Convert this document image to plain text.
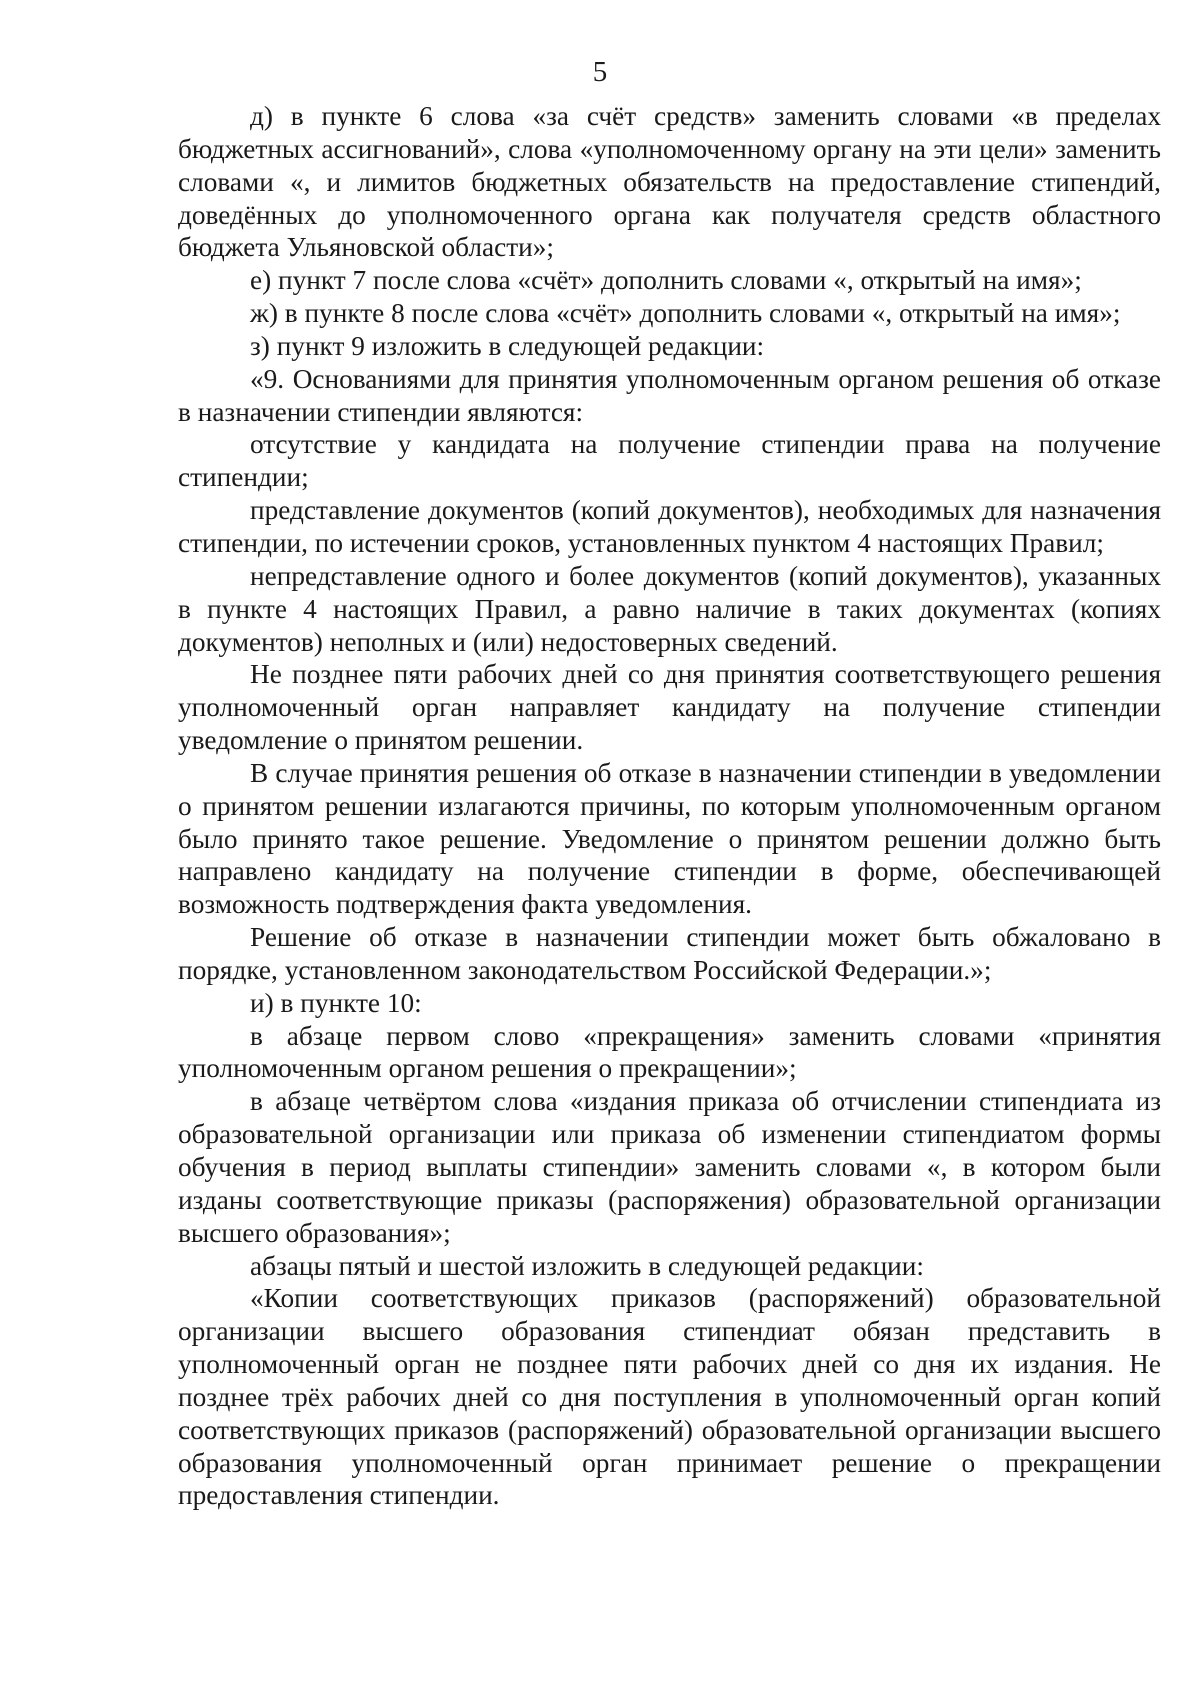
5

д) в пункте 6 слова «за счёт средств» заменить словами «в пределах бюджетных ассигнований», слова «уполномоченному органу на эти цели» заменить словами «, и лимитов бюджетных обязательств на предоставление стипендий, доведённых до уполномоченного органа как получателя средств областного бюджета Ульяновской области»;

е) пункт 7 после слова «счёт» дополнить словами «, открытый на имя»;

ж) в пункте 8 после слова «счёт» дополнить словами «, открытый на имя»;

з) пункт 9 изложить в следующей редакции:

«9. Основаниями для принятия уполномоченным органом решения об отказе в назначении стипендии являются:

отсутствие у кандидата на получение стипендии права на получение стипендии;

представление документов (копий документов), необходимых для назначения стипендии, по истечении сроков, установленных пунктом 4 настоящих Правил;

непредставление одного и более документов (копий документов), указанных в пункте 4 настоящих Правил, а равно наличие в таких документах (копиях документов) неполных и (или) недостоверных сведений.

Не позднее пяти рабочих дней со дня принятия соответствующего решения уполномоченный орган направляет кандидату на получение стипендии уведомление о принятом решении.

В случае принятия решения об отказе в назначении стипендии в уведомлении о принятом решении излагаются причины, по которым уполномоченным органом было принято такое решение. Уведомление о принятом решении должно быть направлено кандидату на получение стипендии в форме, обеспечивающей возможность подтверждения факта уведомления.

Решение об отказе в назначении стипендии может быть обжаловано в порядке, установленном законодательством Российской Федерации.»;

и) в пункте 10:

в абзаце первом слово «прекращения» заменить словами «принятия уполномоченным органом решения о прекращении»;

в абзаце четвёртом слова «издания приказа об отчислении стипендиата из образовательной организации или приказа об изменении стипендиатом формы обучения в период выплаты стипендии» заменить словами «, в котором были изданы соответствующие приказы (распоряжения) образовательной организации высшего образования»;

абзацы пятый и шестой изложить в следующей редакции:

«Копии соответствующих приказов (распоряжений) образовательной организации высшего образования стипендиат обязан представить в уполномоченный орган не позднее пяти рабочих дней со дня их издания. Не позднее трёх рабочих дней со дня поступления в уполномоченный орган копий соответствующих приказов (распоряжений) образовательной организации высшего образования уполномоченный орган принимает решение о прекращении предоставления стипендии.
